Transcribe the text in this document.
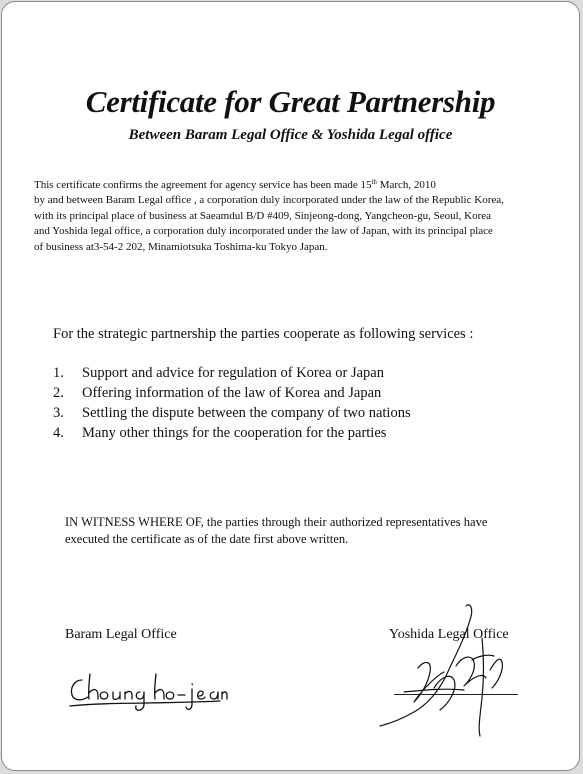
Certificate for Great Partnership
Between Baram Legal Office & Yoshida Legal office

This certificate confirms the agreement for agency service has been made 15th March, 2010
by and between Baram Legal office , a corporation duly incorporated under the law of the Republic Korea,
with its principal place of business at Saeamdul B/D #409, Sinjeong-dong, Yangcheon-gu, Seoul, Korea
and Yoshida legal office, a corporation duly incorporated under the law of Japan, with its principal place
of business at3-54-2 202, Minamiotsuka Toshima-ku Tokyo Japan.

For the strategic partnership the parties cooperate as following services :

1. Support and advice for regulation of Korea or Japan
2. Offering information of the law of Korea and Japan
3. Settling the dispute between the company of two nations
4. Many other things for the cooperation for the parties

IN WITNESS WHERE OF, the parties through their authorized representatives have
executed the certificate as of the date first above written.

Baram Legal Office	Yoshida Legal Office
